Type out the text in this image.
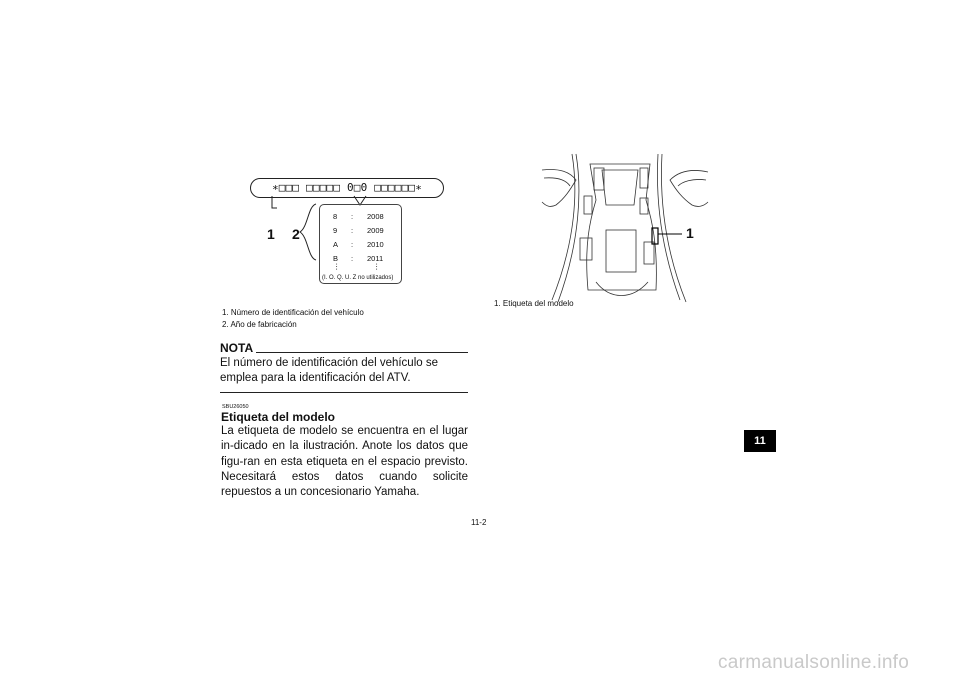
∗□□□ □□□□□ 0□0 □□□□□□∗
1 2
8 : 2008
9 : 2009
A : 2010
B : 2011
⋮	⋮
(I. O. Q. U. Z no utilizados)
1. Número de identificación del vehículo
2. Año de fabricación
NOTA
El número de identificación del vehículo se emplea para la identificación del ATV.
SBU26050
Etiqueta del modelo
La etiqueta de modelo se encuentra en el lugar in-dicado en la ilustración. Anote los datos que figu-ran en esta etiqueta en el espacio previsto. Necesitará estos datos cuando solicite repuestos a un concesionario Yamaha.
1
1. Etiqueta del modelo
11
11-2
carmanualsonline.info
